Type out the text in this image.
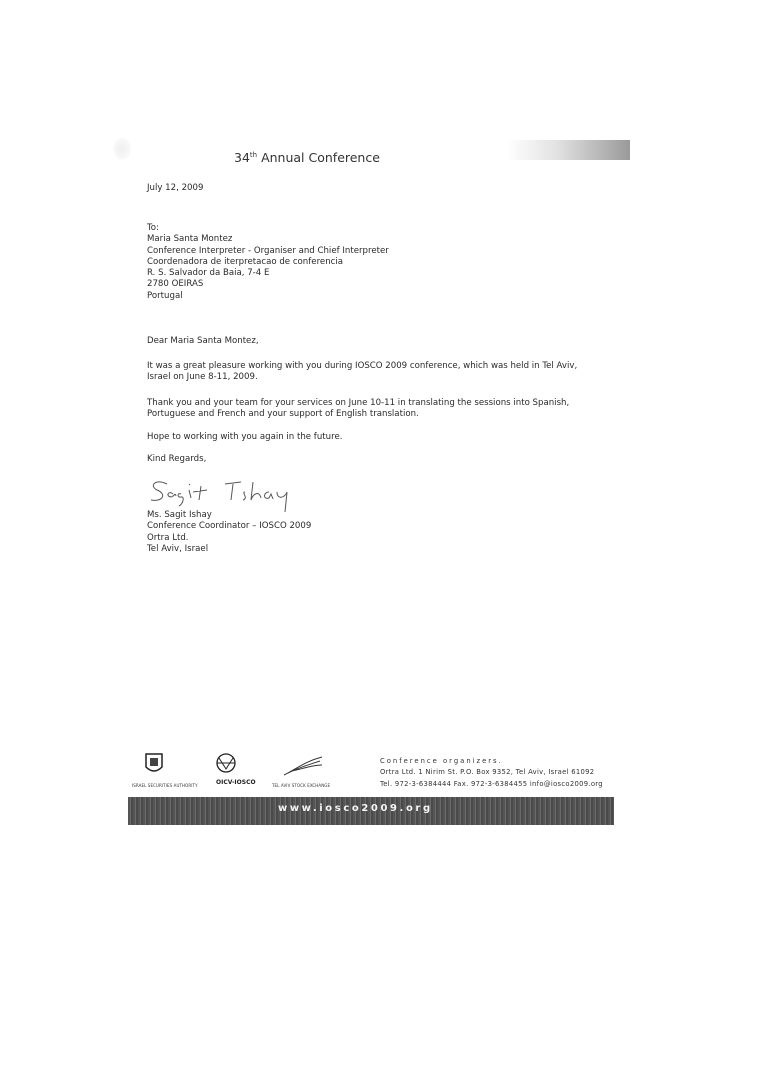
34th Annual Conference
July 12, 2009
To:
Maria Santa Montez
Conference Interpreter - Organiser and Chief Interpreter
Coordenadora de iterpretacao de conferencia
R. S. Salvador da Baia, 7-4 E
2780 OEIRAS
Portugal
Dear Maria Santa Montez,
It was a great pleasure working with you during IOSCO 2009 conference, which was held in Tel Aviv,
Israel on June 8-11, 2009.
Thank you and your team for your services on June 10-11 in translating the sessions into Spanish,
Portuguese and French and your support of English translation.
Hope to working with you again in the future.
Kind Regards,
Ms. Sagit Ishay
Conference Coordinator – IOSCO 2009
Ortra Ltd.
Tel Aviv, Israel
ISRAEL SECURITIES AUTHORITY	OICV-IOSCO	TEL AVIV STOCK EXCHANGE
Conference organizers.
Ortra Ltd. 1 Nirim St. P.O. Box 9352, Tel Aviv, Israel 61092
Tel. 972-3-6384444 Fax. 972-3-6384455 info@iosco2009.org
www.iosco2009.org
